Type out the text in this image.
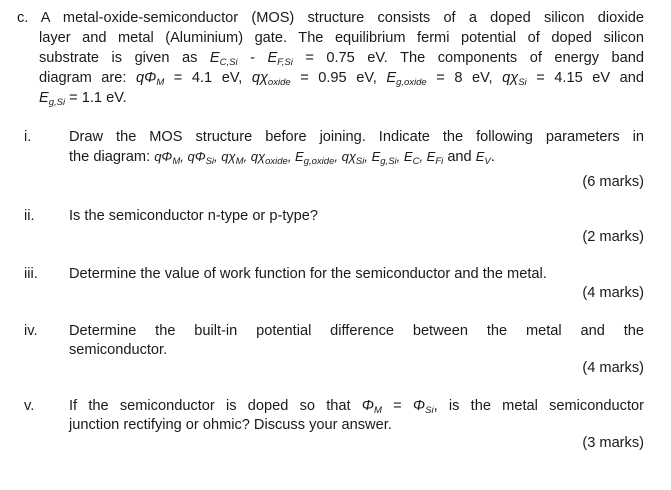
c. A metal-oxide-semiconductor (MOS) structure consists of a doped silicon dioxide
layer and metal (Aluminium) gate. The equilibrium fermi potential of doped silicon
substrate is given as $E_{C,Si} - E_{F,Si} = 0.75$ eV. The components of energy band
diagram are: $q\Phi_M = 4.1$ eV, $q\chi_{oxide} = 0.95$ eV, $E_{g,oxide} = 8$ eV, $q\chi_{Si} = 4.15$ eV and
$E_{g,Si} = 1.1$ eV.
i.	Draw the MOS structure before joining. Indicate the following parameters in
the diagram: $q\Phi_M$, $q\Phi_{Si}$, $q\chi_M$, $q\chi_{oxide}$, $E_{g,oxide}$, $q\chi_{Si}$, $E_{g,Si}$, $E_C$, $E_{Fi}$ and $E_V$.
(6 marks)
ii.	Is the semiconductor n-type or p-type?
(2 marks)
iii.	Determine the value of work function for the semiconductor and the metal.
(4 marks)
iv.	Determine the built-in potential difference between the metal and the
semiconductor.
(4 marks)
v.	If the semiconductor is doped so that $\Phi_M = \Phi_{Si}$, is the metal semiconductor
junction rectifying or ohmic? Discuss your answer.
(3 marks)
